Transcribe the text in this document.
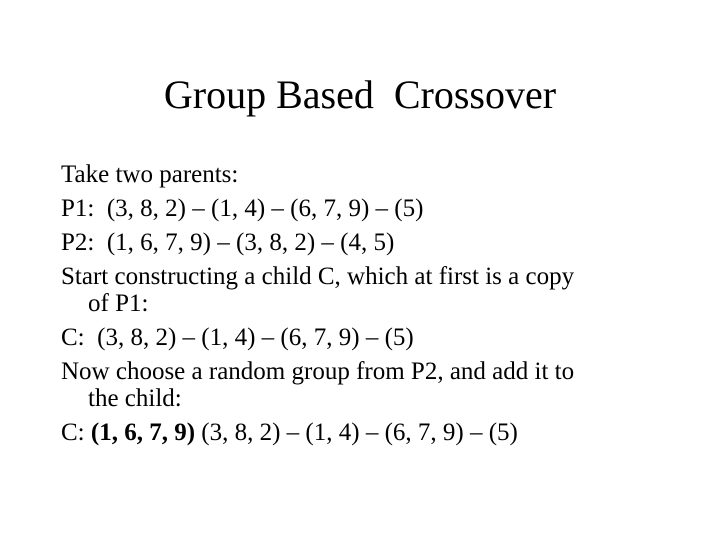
Group Based  Crossover

Take two parents:

P1:  (3, 8, 2) – (1, 4) – (6, 7, 9) – (5)

P2:  (1, 6, 7, 9) – (3, 8, 2) – (4, 5)

Start constructing a child C, which at first is a copy

of P1:

C:  (3, 8, 2) – (1, 4) – (6, 7, 9) – (5)

Now choose a random group from P2, and add it to

the child:

C: (1, 6, 7, 9) (3, 8, 2) – (1, 4) – (6, 7, 9) – (5)
